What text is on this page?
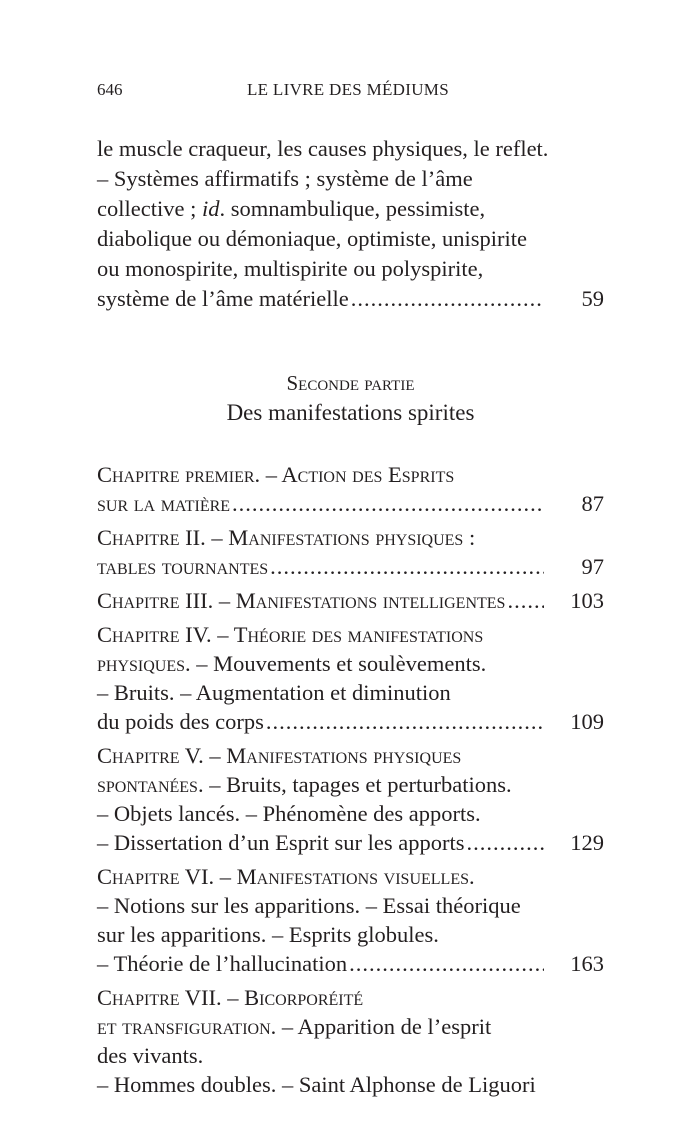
646	LE LIVRE DES MÉDIUMS
le muscle craqueur, les causes physiques, le reflet.
– Systèmes affirmatifs ; système de l’âme
collective ; id. somnambulique, pessimiste,
diabolique ou démoniaque, optimiste, unispirite
ou monospirite, multispirite ou polyspirite,
système de l’âme matérielle .....	59
Seconde partie
Des manifestations spirites
Chapitre premier. – Action des Esprits
sur la matière .....	87
Chapitre II. – Manifestations physiques :
tables tournantes .....	97
Chapitre III. – Manifestations intelligentes .....	103
Chapitre IV. – Théorie des manifestations
physiques. – Mouvements et soulèvements.
– Bruits. – Augmentation et diminution
du poids des corps .....	109
Chapitre V. – Manifestations physiques
spontanées. – Bruits, tapages et perturbations.
– Objets lancés. – Phénomène des apports.
– Dissertation d’un Esprit sur les apports .....	129
Chapitre VI. – Manifestations visuelles.
– Notions sur les apparitions. – Essai théorique
sur les apparitions. – Esprits globules.
– Théorie de l’hallucination .....	163
Chapitre VII. – Bicorporéité
et transfiguration. – Apparition de l’esprit
des vivants.
– Hommes doubles. – Saint Alphonse de Liguori
